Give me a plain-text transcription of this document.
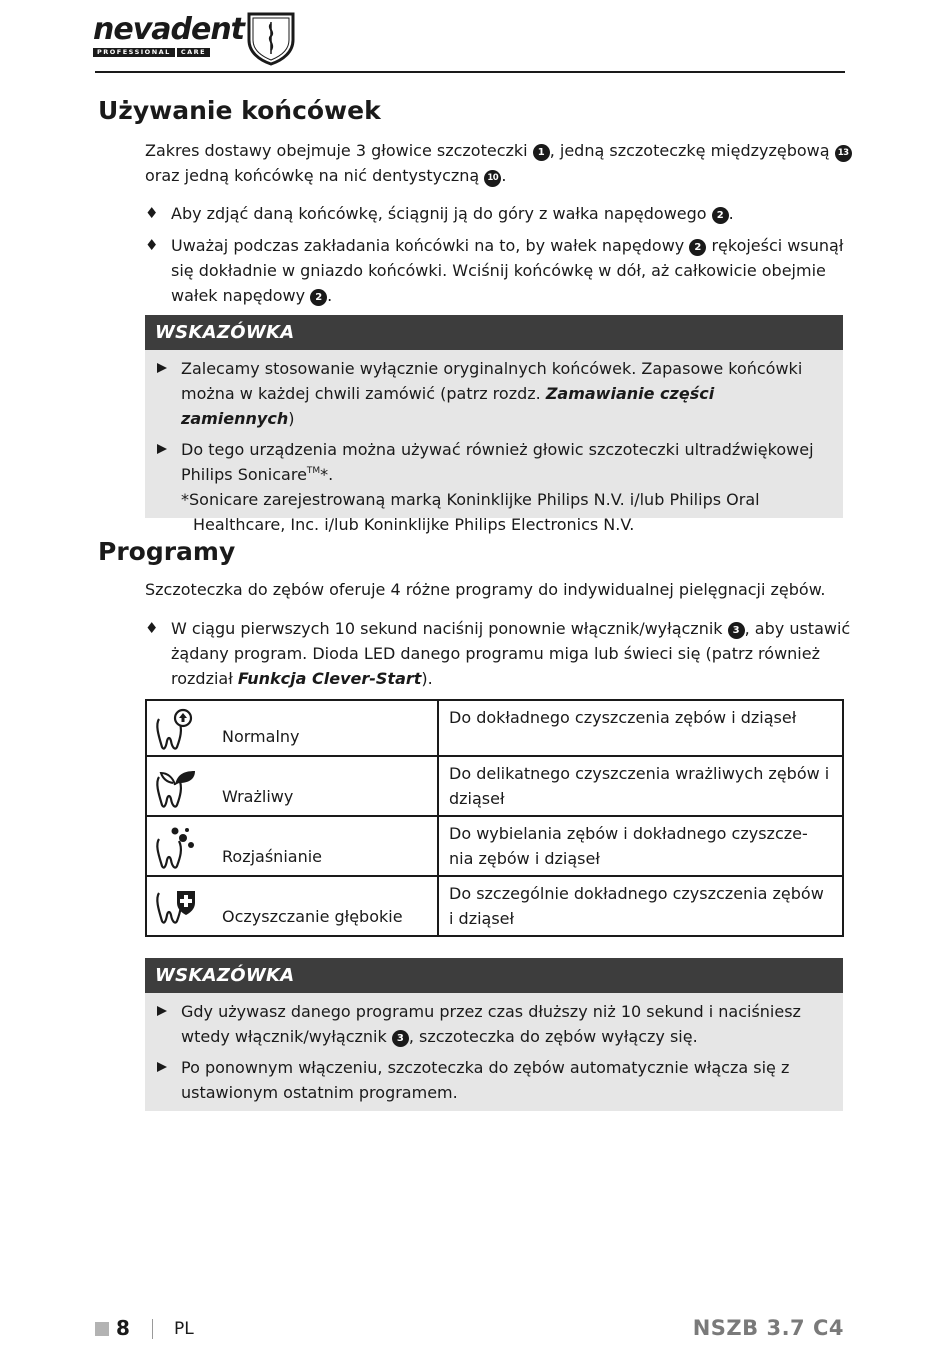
nevadent
PROFESSIONAL	CARE
Używanie końcówek
Zakres dostawy obejmuje 3 głowice szczoteczki 1 , jedną szczoteczkę międzyzębową 13
oraz jedną końcówkę na nić dentystyczną 10 .
♦ Aby zdjąć daną końcówkę, ściągnij ją do góry z wałka napędowego 2 .
♦ Uważaj podczas zakładania końcówki na to, by wałek napędowy 2 rękojeści wsunął się dokładnie w gniazdo końcówki. Wciśnij końcówkę w dół, aż całkowicie obejmie wałek napędowy 2 .
WSKAZÓWKA
Zalecamy stosowanie wyłącznie oryginalnych końcówek. Zapasowe końcówki można w każdej chwili zamówić (patrz rozdz. Zamawianie części zamiennych)
Do tego urządzenia można używać również głowic szczoteczki ultradźwiękowej Philips Sonicare™*.
*Sonicare zarejestrowaną marką Koninklijke Philips N.V. i/lub Philips Oral
Healthcare, Inc. i/lub Koninklijke Philips Electronics N.V.
Programy
Szczoteczka do zębów oferuje 4 różne programy do indywidualnej pielęgnacji zębów.
♦ W ciągu pierwszych 10 sekund naciśnij ponownie włącznik/wyłącznik 3 , aby ustawić żądany program. Dioda LED danego programu miga lub świeci się (patrz również rozdział Funkcja Clever-Start).
Normalny	Do dokładnego czyszczenia zębów i dziąseł

Wrażliwy	Do delikatnego czyszczenia wrażliwych zębów i dziąseł

Rozjaśnianie	Do wybielania zębów i dokładnego czyszcze-nia zębów i dziąseł

Oczyszczanie głębokie	Do szczególnie dokładnego czyszczenia zębów i dziąseł
WSKAZÓWKA
Gdy używasz danego programu przez czas dłuższy niż 10 sekund i naciśniesz wtedy włącznik/wyłącznik 3 , szczoteczka do zębów wyłączy się.
Po ponownym włączeniu, szczoteczka do zębów automatycznie włącza się z ustawionym ostatnim programem.
8	PL	NSZB 3.7 C4
